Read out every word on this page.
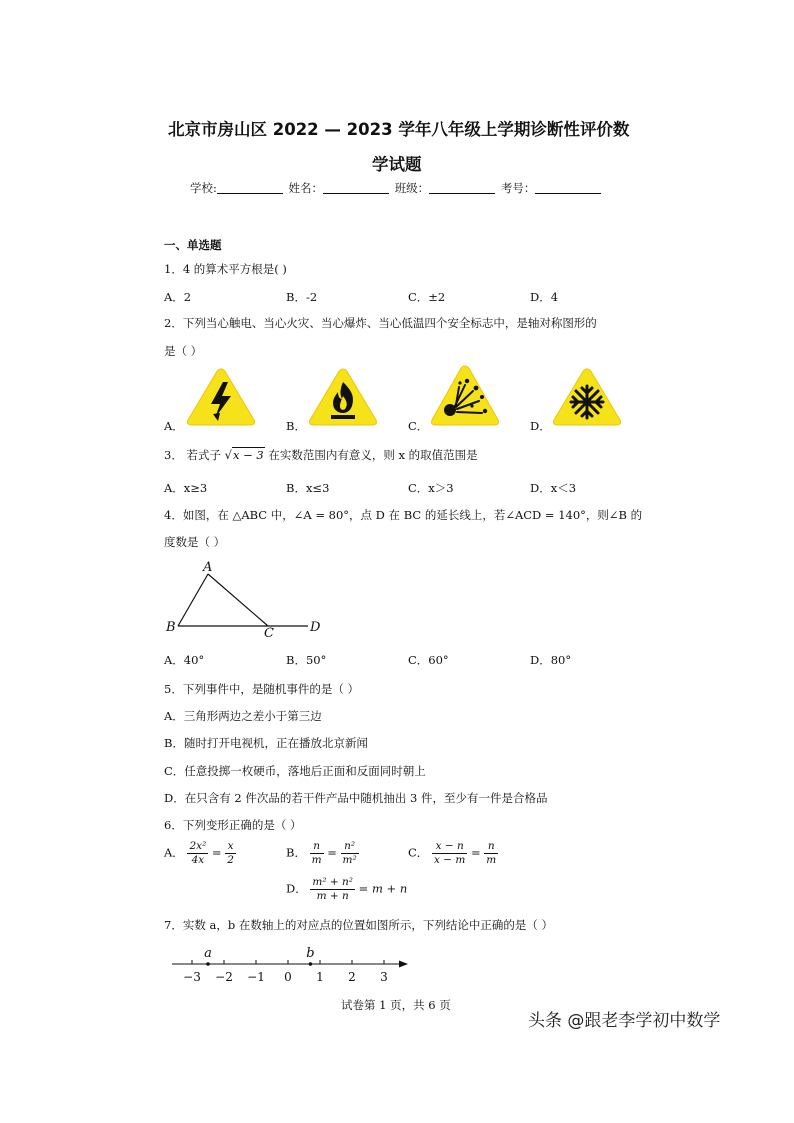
北京市房山区 2022 — 2023 学年八年级上学期诊断性评价数
学试题
学校:	姓名：	班级：	考号：
一、单选题
1．4 的算术平方根是( )
A．2	B．-2	C．±2	D．4
2．下列当心触电、当心火灾、当心爆炸、当心低温四个安全标志中，是轴对称图形的
是（ ）
A．	B．	C．	D．
3． 若式子 √x − 3 在实数范围内有意义，则 x 的取值范围是
A．x≥3	B．x≤3	C．x＞3	D．x＜3
4．如图，在 △ABC 中，∠A = 80°，点 D 在 BC 的延长线上，若∠ACD = 140°，则∠B 的
度数是（ ）
A
B	C	D
A．40°	B．50°	C．60°	D．80°
5．下列事件中，是随机事件的是（ ）
A．三角形两边之差小于第三边
B．随时打开电视机，正在播放北京新闻
C．任意投掷一枚硬币，落地后正面和反面同时朝上
D．在只含有 2 件次品的若干件产品中随机抽出 3 件，至少有一件是合格品
6．下列变形正确的是（ ）
A． $\frac{\text{2x²}}{4x} = \frac{x}{2}$	B． $\frac{n}{m} = \frac{\text{n²}}{\text{m²}}$	C． $\frac{x - n}{x - m} = \frac{n}{m}$
D． $\frac{\text{m² + n²}}{m + n} = m + n$
7．实数 a，b 在数轴上的对应点的位置如图所示，下列结论中正确的是（ ）
−3 −2 −1 0 1 2 3
a	b
试卷第 1 页，共 6 页
头条 @跟老李学初中数学
